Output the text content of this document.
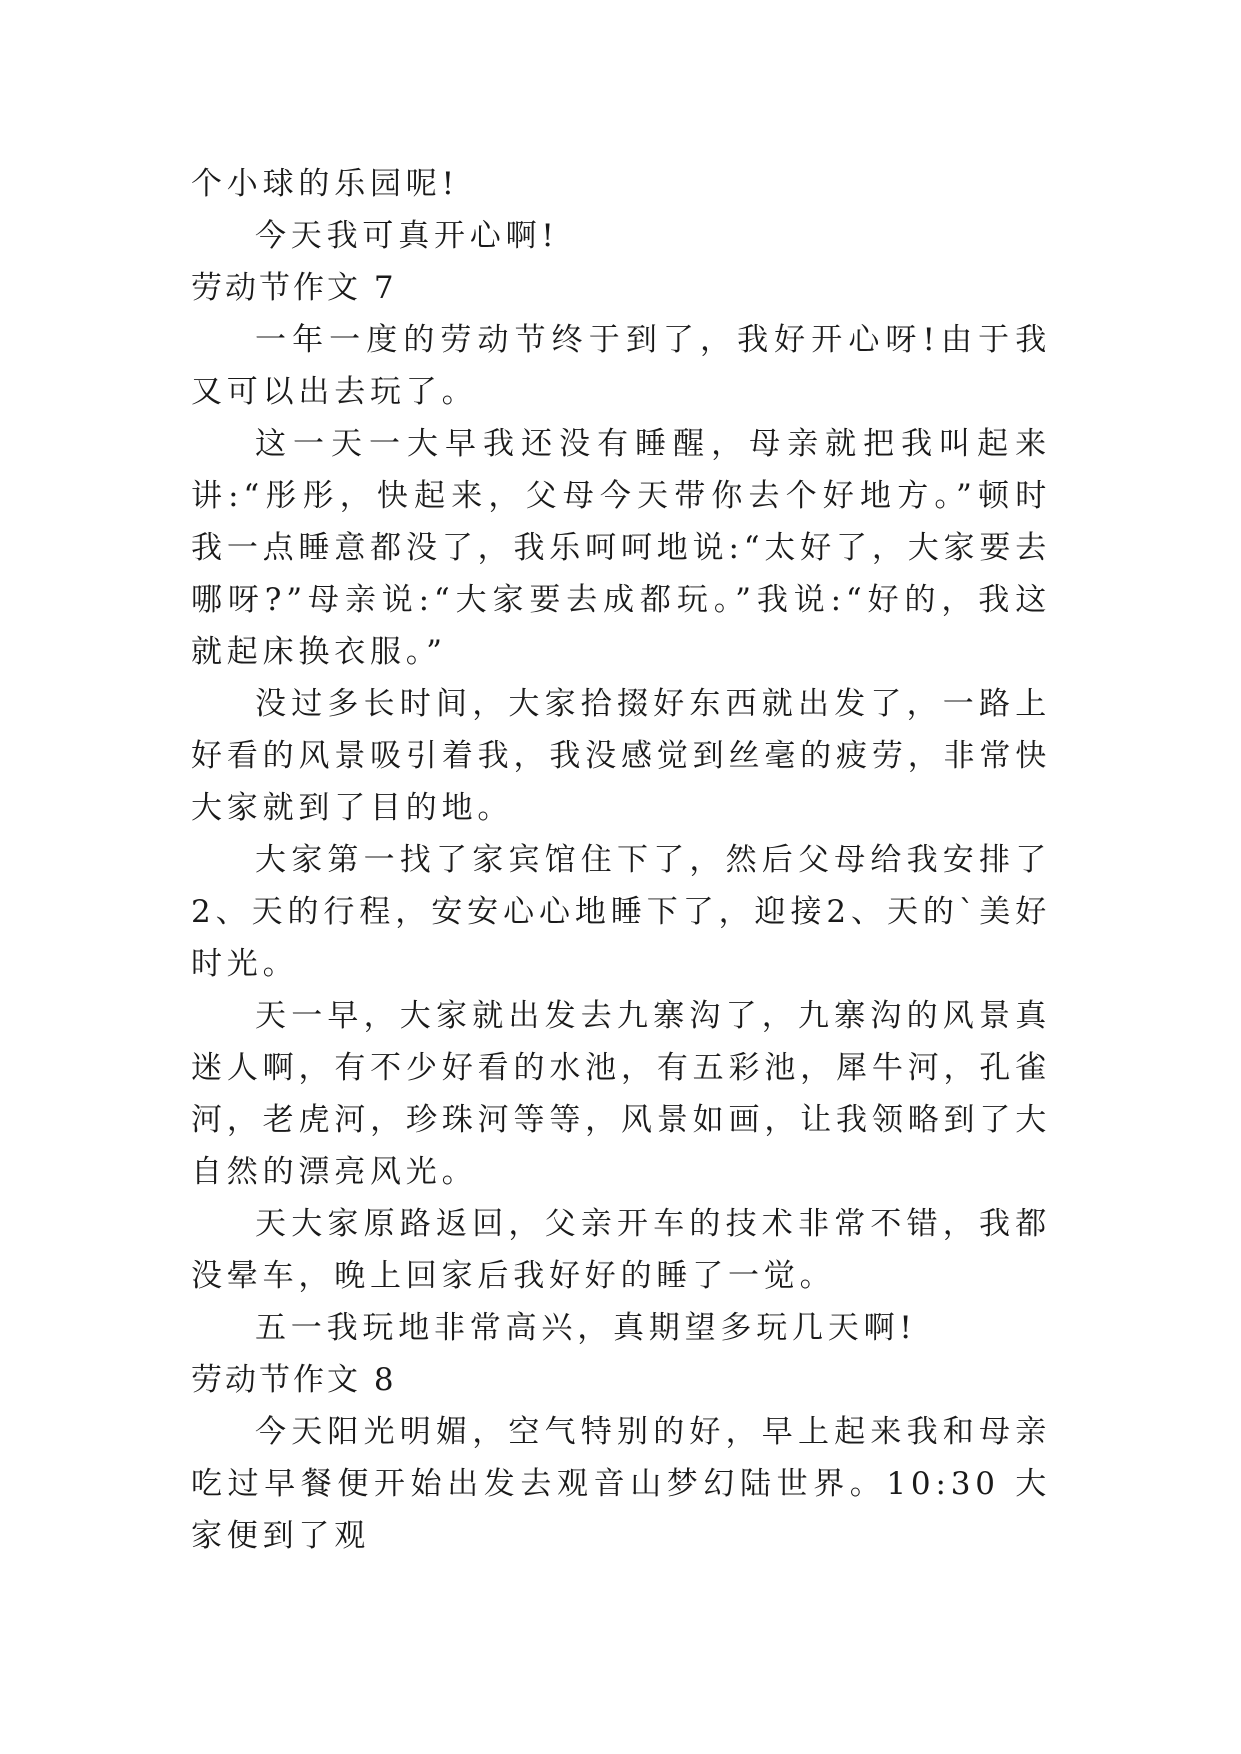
个小球的乐园呢!

今天我可真开心啊!

劳动节作文 7

一年一度的劳动节终于到了，我好开心呀!由于我又可以出去玩了。

这一天一大早我还没有睡醒，母亲就把我叫起来讲:“彤彤，快起来，父母今天带你去个好地方。”顿时我一点睡意都没了，我乐呵呵地说:“太好了，大家要去哪呀?”母亲说:“大家要去成都玩。”我说:“好的，我这就起床换衣服。”

没过多长时间，大家拾掇好东西就出发了，一路上好看的风景吸引着我，我没感觉到丝毫的疲劳，非常快大家就到了目的地。

大家第一找了家宾馆住下了，然后父母给我安排了 2、天的行程，安安心心地睡下了，迎接2、天的`美好时光。

天一早，大家就出发去九寨沟了，九寨沟的风景真迷人啊，有不少好看的水池，有五彩池，犀牛河，孔雀河，老虎河，珍珠河等等，风景如画，让我领略到了大自然的漂亮风光。

天大家原路返回，父亲开车的技术非常不错，我都没晕车，晚上回家后我好好的睡了一觉。

五一我玩地非常高兴，真期望多玩几天啊!

劳动节作文 8

今天阳光明媚，空气特别的好，早上起来我和母亲吃过早餐便开始出发去观音山梦幻陆世界。10:30 大家便到了观
